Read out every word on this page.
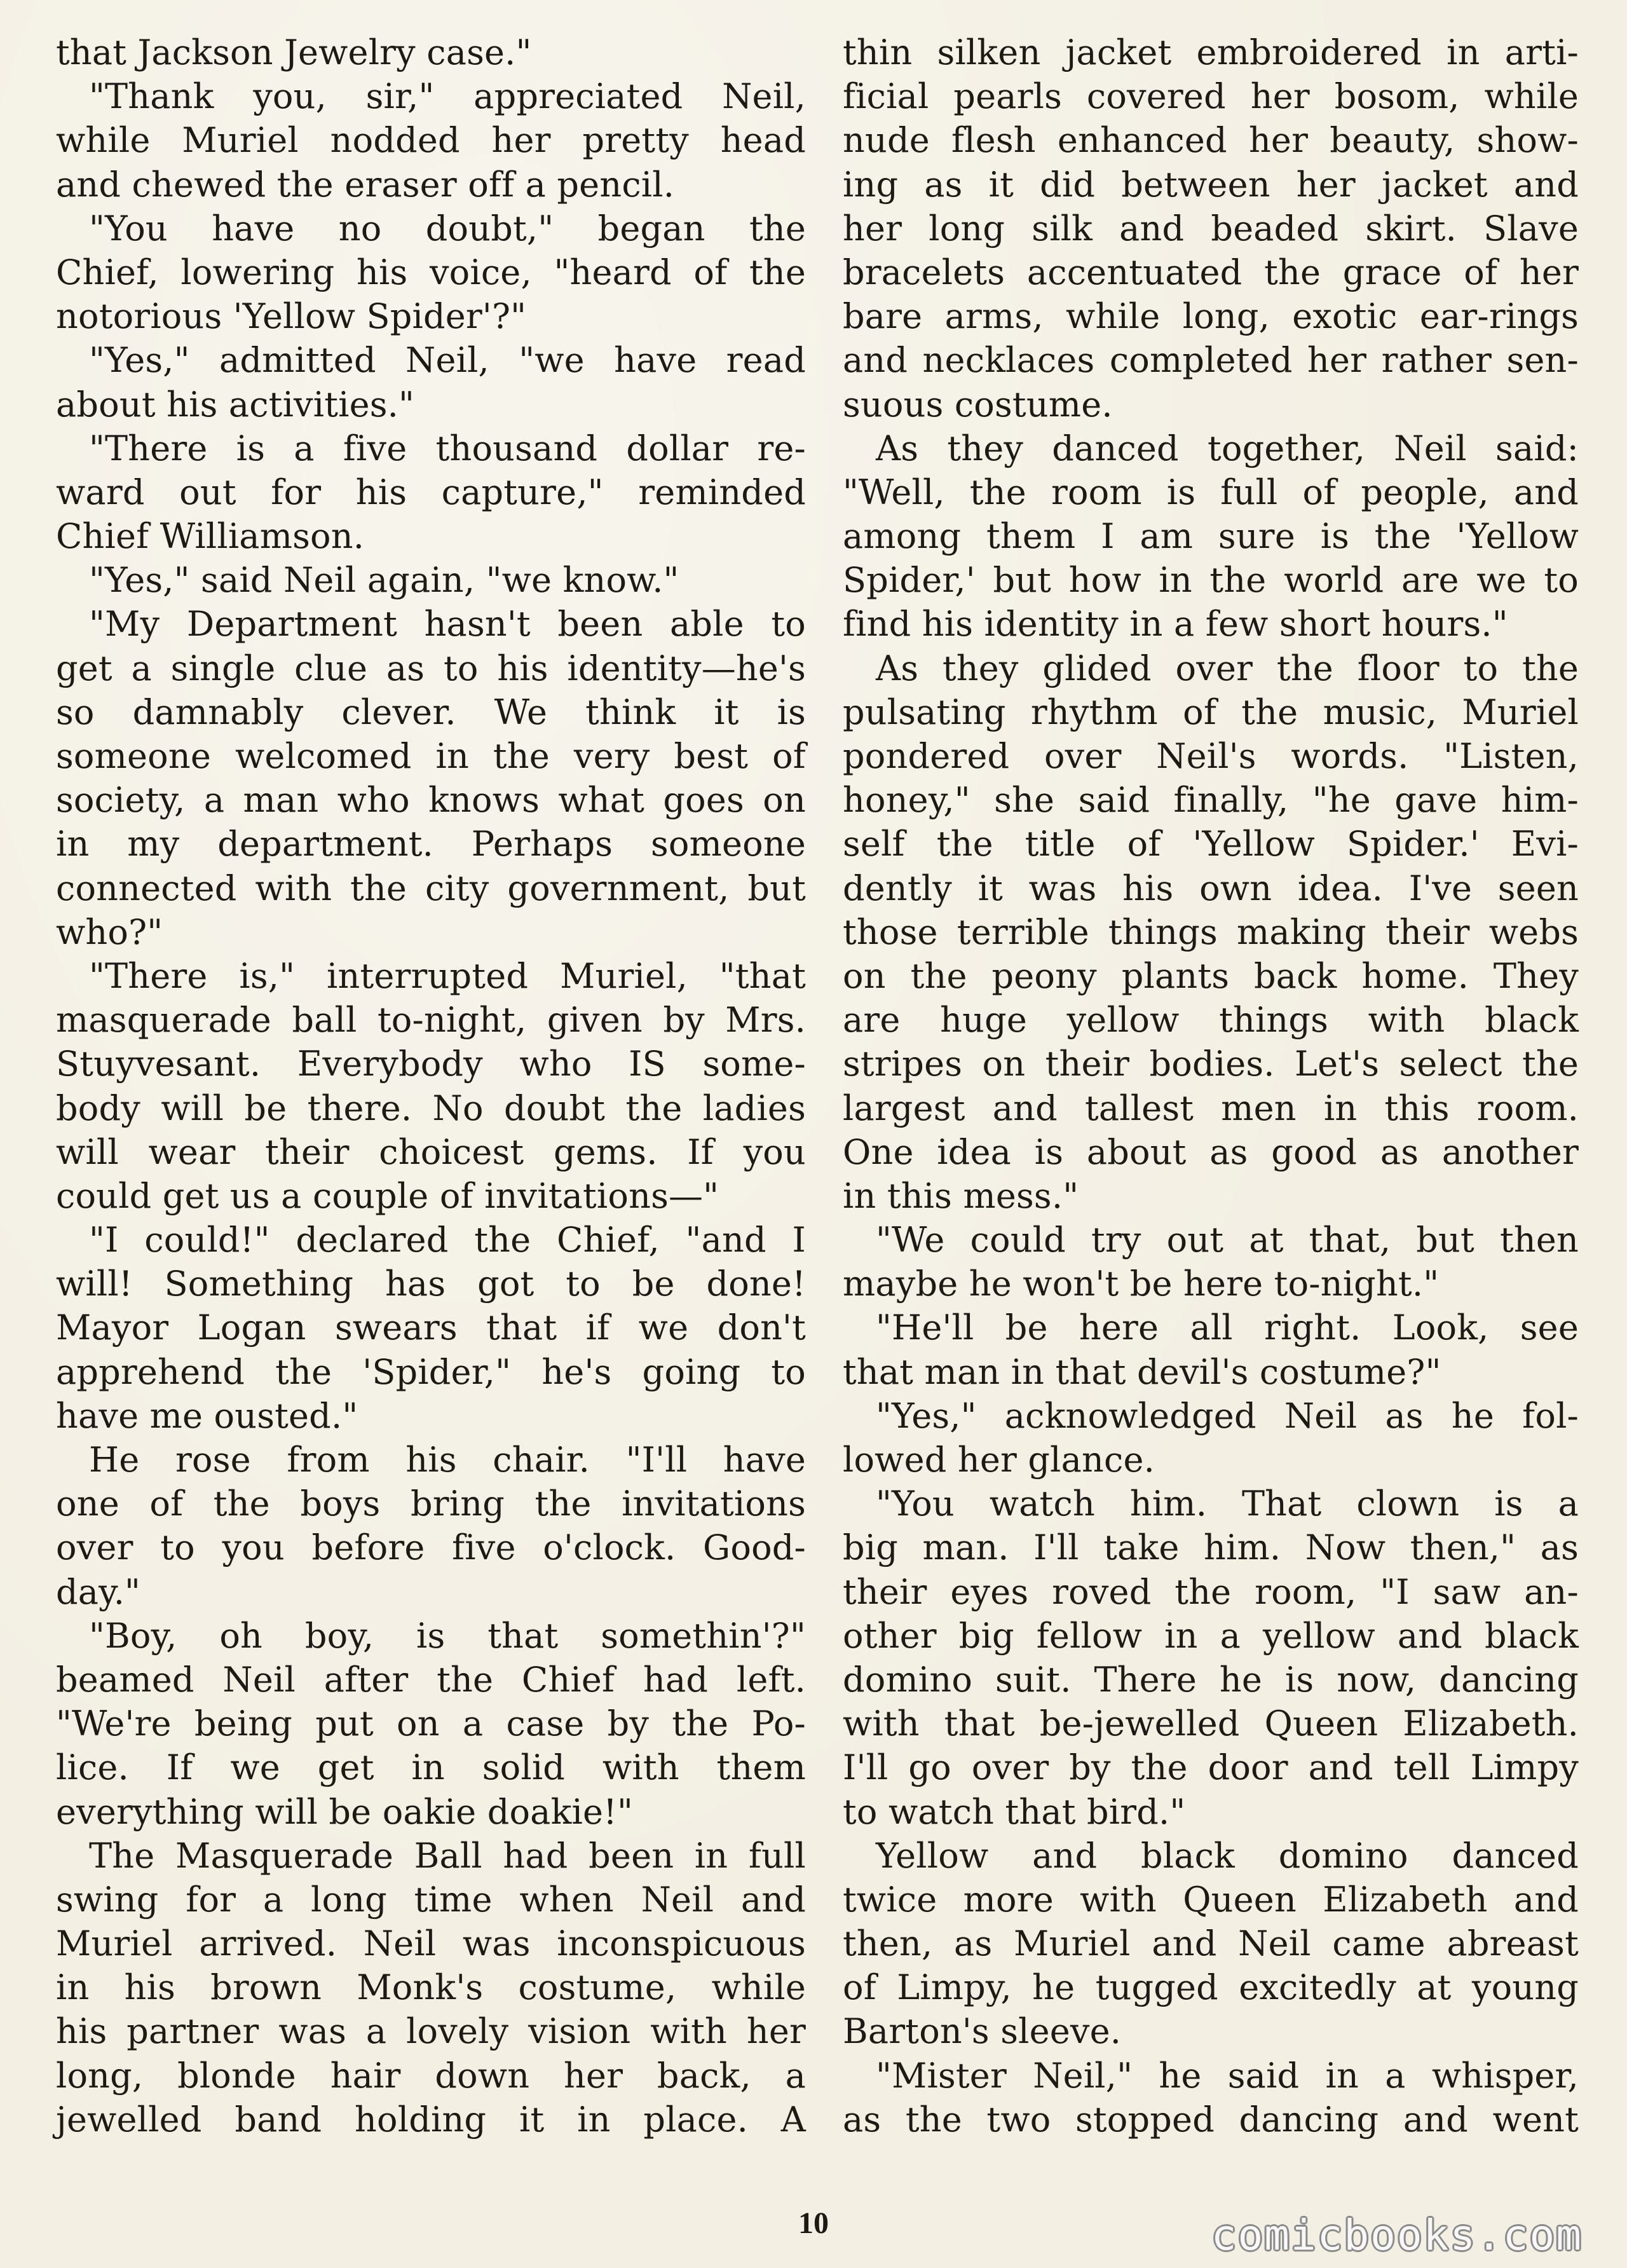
that Jackson Jewelry case."
"Thank you, sir," appreciated Neil,
while Muriel nodded her pretty head
and chewed the eraser off a pencil.
"You have no doubt," began the
Chief, lowering his voice, "heard of the
notorious 'Yellow Spider'?"
"Yes," admitted Neil, "we have read
about his activities."
"There is a five thousand dollar re-
ward out for his capture," reminded
Chief Williamson.
"Yes," said Neil again, "we know."
"My Department hasn't been able to
get a single clue as to his identity—he's
so damnably clever. We think it is
someone welcomed in the very best of
society, a man who knows what goes on
in my department. Perhaps someone
connected with the city government, but
who?"
"There is," interrupted Muriel, "that
masquerade ball to-night, given by Mrs.
Stuyvesant. Everybody who IS some-
body will be there. No doubt the ladies
will wear their choicest gems. If you
could get us a couple of invitations—"
"I could!" declared the Chief, "and I
will! Something has got to be done!
Mayor Logan swears that if we don't
apprehend the 'Spider," he's going to
have me ousted."
He rose from his chair. "I'll have
one of the boys bring the invitations
over to you before five o'clock. Good-
day."
"Boy, oh boy, is that somethin'?"
beamed Neil after the Chief had left.
"We're being put on a case by the Po-
lice. If we get in solid with them
everything will be oakie doakie!"
The Masquerade Ball had been in full
swing for a long time when Neil and
Muriel arrived. Neil was inconspicuous
in his brown Monk's costume, while
his partner was a lovely vision with her
long, blonde hair down her back, a
jewelled band holding it in place. A
thin silken jacket embroidered in arti-
ficial pearls covered her bosom, while
nude flesh enhanced her beauty, show-
ing as it did between her jacket and
her long silk and beaded skirt. Slave
bracelets accentuated the grace of her
bare arms, while long, exotic ear-rings
and necklaces completed her rather sen-
suous costume.
As they danced together, Neil said:
"Well, the room is full of people, and
among them I am sure is the 'Yellow
Spider,' but how in the world are we to
find his identity in a few short hours."
As they glided over the floor to the
pulsating rhythm of the music, Muriel
pondered over Neil's words. "Listen,
honey," she said finally, "he gave him-
self the title of 'Yellow Spider.' Evi-
dently it was his own idea. I've seen
those terrible things making their webs
on the peony plants back home. They
are huge yellow things with black
stripes on their bodies. Let's select the
largest and tallest men in this room.
One idea is about as good as another
in this mess."
"We could try out at that, but then
maybe he won't be here to-night."
"He'll be here all right. Look, see
that man in that devil's costume?"
"Yes," acknowledged Neil as he fol-
lowed her glance.
"You watch him. That clown is a
big man. I'll take him. Now then," as
their eyes roved the room, "I saw an-
other big fellow in a yellow and black
domino suit. There he is now, dancing
with that be-jewelled Queen Elizabeth.
I'll go over by the door and tell Limpy
to watch that bird."
Yellow and black domino danced
twice more with Queen Elizabeth and
then, as Muriel and Neil came abreast
of Limpy, he tugged excitedly at young
Barton's sleeve.
"Mister Neil," he said in a whisper,
as the two stopped dancing and went
10	comicbooks.com
